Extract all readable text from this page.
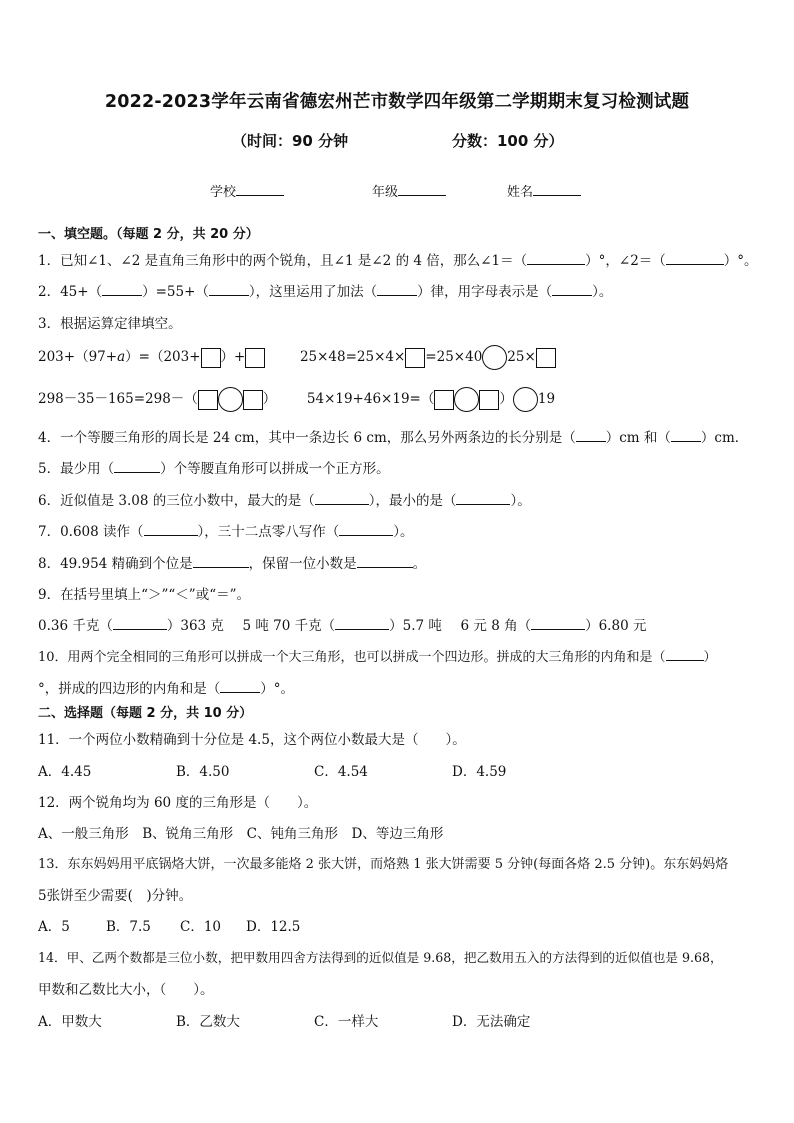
2022-2023学年云南省德宏州芒市数学四年级第二学期期末复习检测试题
（时间：90 分钟	分数：100 分）
学校	年级	姓名
一、填空题。（每题 2 分，共 20 分）
1．已知∠1、∠2 是直角三角形中的两个锐角，且∠1 是∠2 的 4 倍，那么∠1＝（	）°，∠2＝（	）°。
2．45+（	）=55+（	），这里运用了加法（	）律，用字母表示是（	）。
3．根据运算定律填空。
203+（97+a）=（203+ ）+	25×48=25×4× =25×40 25×
298－35－165=298－（	） 54×19+46×19=（	） 19
4．一个等腰三角形的周长是 24 cm，其中一条边长 6 cm，那么另外两条边的长分别是（ ）cm 和（ ）cm．
5．最少用（	）个等腰直角形可以拼成一个正方形。
6．近似值是 3.08 的三位小数中，最大的是（	），最小的是（	）。
7．0.608 读作（	），三十二点零八写作（	）。
8．49.954 精确到个位是	，保留一位小数是	。
9．在括号里填上“＞”“＜”或“＝”。
0.36 千克（	）363 克 5 吨 70 千克（	）5.7 吨 6 元 8 角（	）6.80 元
10．用两个完全相同的三角形可以拼成一个大三角形，也可以拼成一个四边形。拼成的大三角形的内角和是（	）
°，拼成的四边形的内角和是（	）°。
二、选择题（每题 2 分，共 10 分）
11．一个两位小数精确到十分位是 4.5，这个两位小数最大是（　　）。
A．4.45	B．4.50	C．4.54	D．4.59
12．两个锐角均为 60 度的三角形是（　　）。
A、一般三角形　B、锐角三角形　C、钝角三角形　D、等边三角形
13．东东妈妈用平底锅烙大饼，一次最多能烙 2 张大饼，而烙熟 1 张大饼需要 5 分钟(每面各烙 2.5 分钟)。东东妈妈烙
5张饼至少需要(　)分钟。
A．5	B．7.5 C．10 D．12.5
14．甲、乙两个数都是三位小数，把甲数用四舍方法得到的近似值是 9.68，把乙数用五入的方法得到的近似值也是 9.68，
甲数和乙数比大小，（　　）。
A．甲数大	B．乙数大	C．一样大	D．无法确定
